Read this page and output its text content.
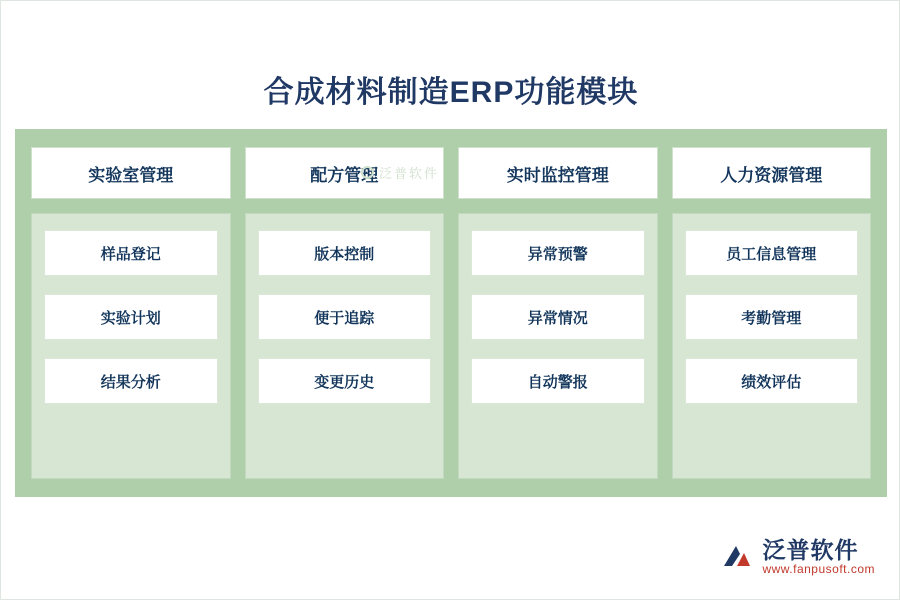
合成材料制造ERP功能模块
实验室管理
样品登记
实验计划
结果分析
配方管理
版本控制
便于追踪
变更历史
实时监控管理
异常预警
异常情况
自动警报
人力资源管理
员工信息管理
考勤管理
绩效评估
泛普软件
泛普软件
www.fanpusoft.com
